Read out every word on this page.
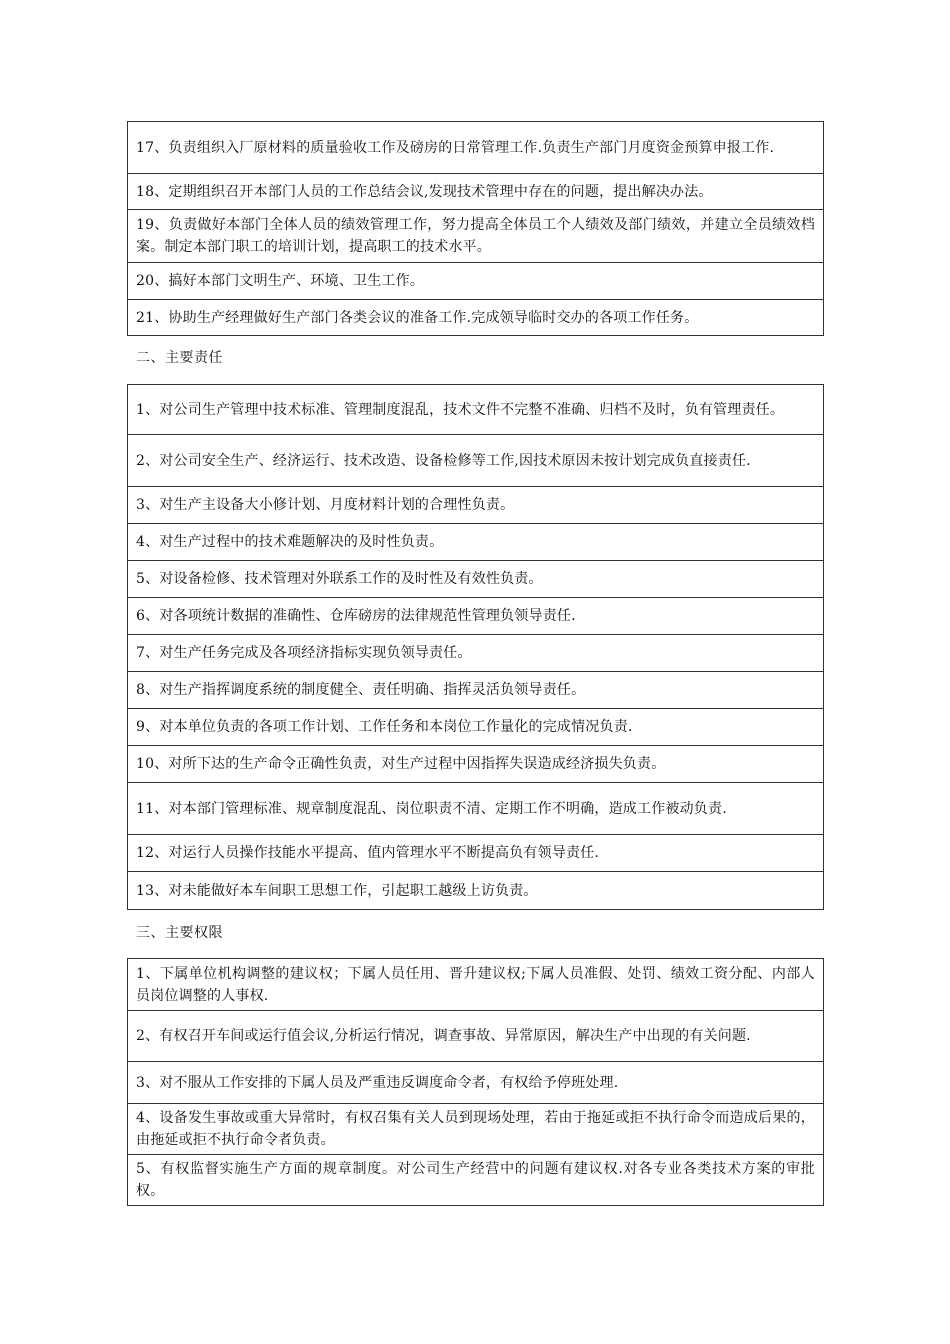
17、负责组织入厂原材料的质量验收工作及磅房的日常管理工作.负责生产部门月度资金预算申报工作.
18、定期组织召开本部门人员的工作总结会议,发现技术管理中存在的问题，提出解决办法。
19、负责做好本部门全体人员的绩效管理工作，努力提高全体员工个人绩效及部门绩效，并建立全员绩效档案。制定本部门职工的培训计划，提高职工的技术水平。
20、搞好本部门文明生产、环境、卫生工作。
21、协助生产经理做好生产部门各类会议的准备工作.完成领导临时交办的各项工作任务。
二、主要责任
1、对公司生产管理中技术标准、管理制度混乱，技术文件不完整不准确、归档不及时，负有管理责任。
2、对公司安全生产、经济运行、技术改造、设备检修等工作,因技术原因未按计划完成负直接责任.
3、对生产主设备大小修计划、月度材料计划的合理性负责。
4、对生产过程中的技术难题解决的及时性负责。
5、对设备检修、技术管理对外联系工作的及时性及有效性负责。
6、对各项统计数据的准确性、仓库磅房的法律规范性管理负领导责任.
7、对生产任务完成及各项经济指标实现负领导责任。
8、对生产指挥调度系统的制度健全、责任明确、指挥灵活负领导责任。
9、对本单位负责的各项工作计划、工作任务和本岗位工作量化的完成情况负责.
10、对所下达的生产命令正确性负责，对生产过程中因指挥失误造成经济损失负责。
11、对本部门管理标准、规章制度混乱、岗位职责不清、定期工作不明确，造成工作被动负责.
12、对运行人员操作技能水平提高、值内管理水平不断提高负有领导责任.
13、对未能做好本车间职工思想工作，引起职工越级上访负责。
三、主要权限
1、下属单位机构调整的建议权；下属人员任用、晋升建议权;下属人员准假、处罚、绩效工资分配、内部人员岗位调整的人事权.
2、有权召开车间或运行值会议,分析运行情况，调查事故、异常原因，解决生产中出现的有关问题.
3、对不服从工作安排的下属人员及严重违反调度命令者，有权给予停班处理.
4、设备发生事故或重大异常时，有权召集有关人员到现场处理，若由于拖延或拒不执行命令而造成后果的，由拖延或拒不执行命令者负责。
5、有权监督实施生产方面的规章制度。对公司生产经营中的问题有建议权.对各专业各类技术方案的审批权。
